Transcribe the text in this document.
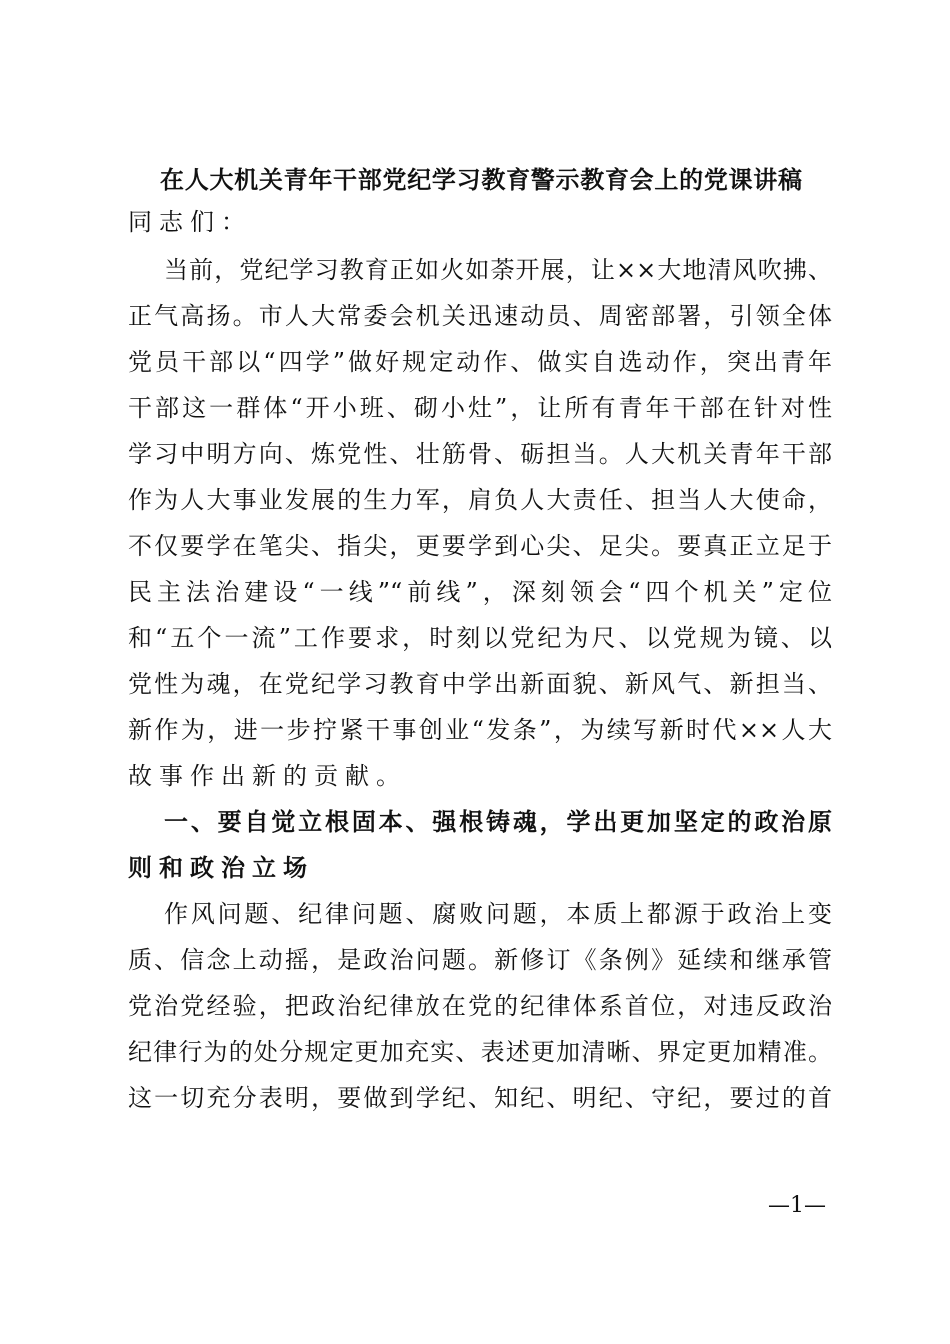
在人大机关青年干部党纪学习教育警示教育会上的党课讲稿
同志们：
当前，党纪学习教育正如火如荼开展，让××大地清风吹拂、
正气高扬。市人大常委会机关迅速动员、周密部署，引领全体
党员干部以“四学”做好规定动作、做实自选动作，突出青年
干部这一群体“开小班、砌小灶”，让所有青年干部在针对性
学习中明方向、炼党性、壮筋骨、砺担当。人大机关青年干部
作为人大事业发展的生力军，肩负人大责任、担当人大使命，
不仅要学在笔尖、指尖，更要学到心尖、足尖。要真正立足于
民主法治建设“一线”“前线”，深刻领会“四个机关”定位
和“五个一流”工作要求，时刻以党纪为尺、以党规为镜、以
党性为魂，在党纪学习教育中学出新面貌、新风气、新担当、
新作为，进一步拧紧干事创业“发条”，为续写新时代××人大
故事作出新的贡献。
一、要自觉立根固本、强根铸魂，学出更加坚定的政治原
则和政治立场
作风问题、纪律问题、腐败问题，本质上都源于政治上变
质、信念上动摇，是政治问题。新修订《条例》延续和继承管
党治党经验，把政治纪律放在党的纪律体系首位，对违反政治
纪律行为的处分规定更加充实、表述更加清晰、界定更加精准。
这一切充分表明，要做到学纪、知纪、明纪、守纪，要过的首
—1—
